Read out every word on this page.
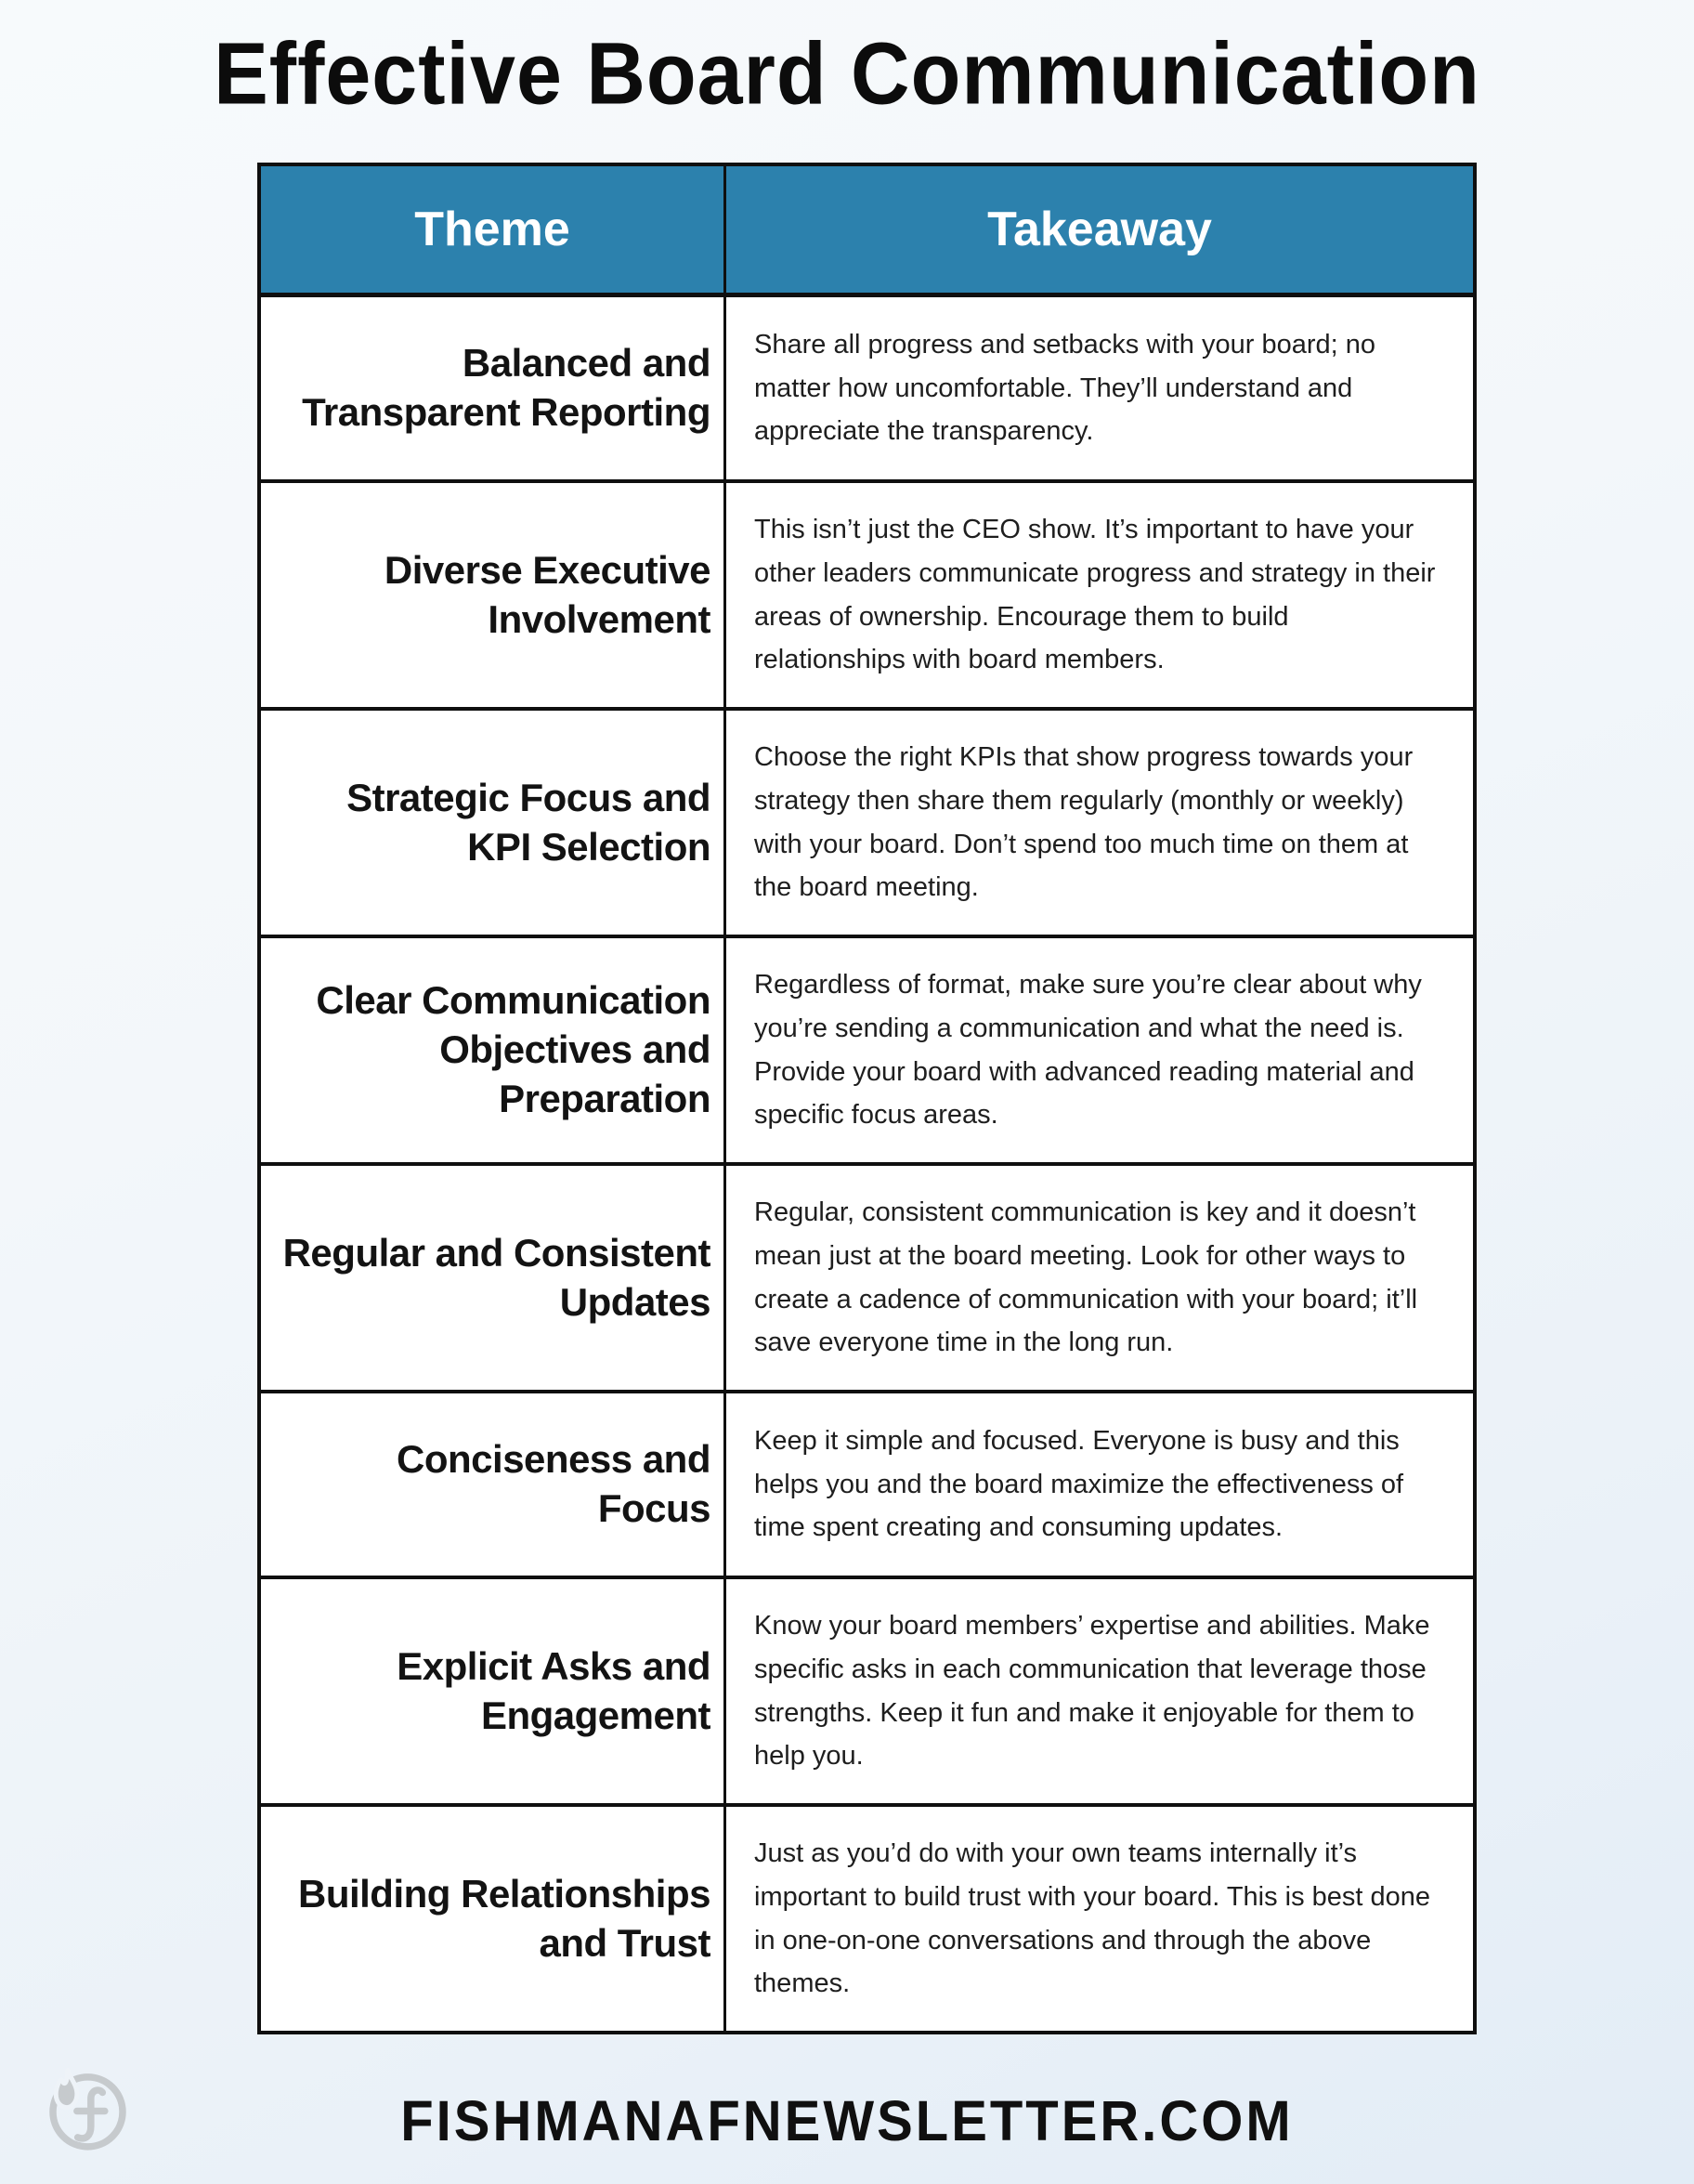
Effective Board Communication
Theme	Takeaway
Balanced and Transparent Reporting
Share all progress and setbacks with your board; no matter how uncomfortable. They’ll understand and appreciate the transparency.
Diverse Executive Involvement
This isn’t just the CEO show. It’s important to have your other leaders communicate progress and strategy in their areas of ownership. Encourage them to build relationships with board members.
Strategic Focus and KPI Selection
Choose the right KPIs that show progress towards your strategy then share them regularly (monthly or weekly) with your board. Don’t spend too much time on them at the board meeting.
Clear Communication Objectives and Preparation
Regardless of format, make sure you’re clear about why you’re sending a communication and what the need is. Provide your board with advanced reading material and specific focus areas.
Regular and Consistent Updates
Regular, consistent communication is key and it doesn’t mean just at the board meeting. Look for other ways to create a cadence of communication with your board; it’ll save everyone time in the long run.
Conciseness and Focus
Keep it simple and focused. Everyone is busy and this helps you and the board maximize the effectiveness of time spent creating and consuming updates.
Explicit Asks and Engagement
Know your board members’ expertise and abilities. Make specific asks in each communication that leverage those strengths. Keep it fun and make it enjoyable for them to help you.
Building Relationships and Trust
Just as you’d do with your own teams internally it’s important to build trust with your board. This is best done in one-on-one conversations and through the above themes.
FISHMANAFNEWSLETTER.COM
